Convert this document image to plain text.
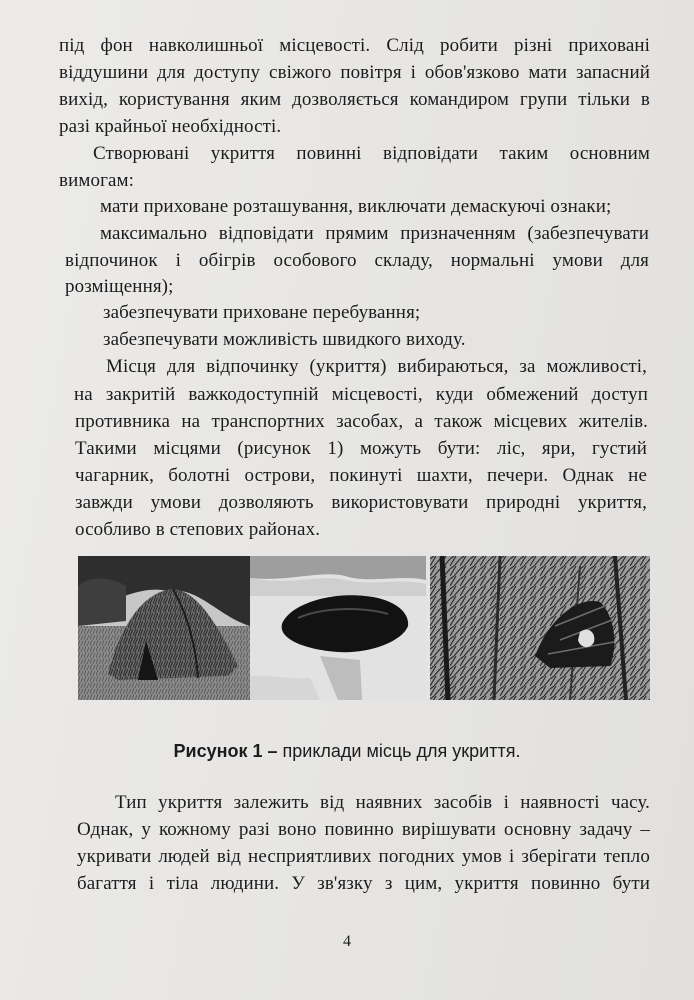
під фон навколишньої місцевості. Слід робити різні приховані
віддушини для доступу свіжого повітря і обов'язково мати запасний
вихід, користування яким дозволяється командиром групи тільки в
разі крайньої необхідності.
Створювані укриття повинні відповідати таким основним
вимогам:
мати приховане розташування, виключати демаскуючі ознаки;
максимально відповідати прямим призначенням (забезпечувати
відпочинок і обігрів особового складу, нормальні умови для
розміщення);
забезпечувати приховане перебування;
забезпечувати можливість швидкого виходу.
Місця для відпочинку (укриття) вибираються, за можливості,
на закритій важкодоступній місцевості, куди обмежений доступ
противника на транспортних засобах, а також місцевих жителів.
Такими місцями (рисунок 1) можуть бути: ліс, яри, густий
чагарник, болотні острови, покинуті шахти, печери. Однак не
завжди умови дозволяють використовувати природні укриття,
особливо в степових районах.
Рисунок 1 – приклади місць для укриття.
Тип укриття залежить від наявних засобів і наявності часу.
Однак, у кожному разі воно повинно вирішувати основну задачу –
укривати людей від несприятливих погодних умов і зберігати тепло
багаття і тіла людини. У зв'язку з цим, укриття повинно бути
4
